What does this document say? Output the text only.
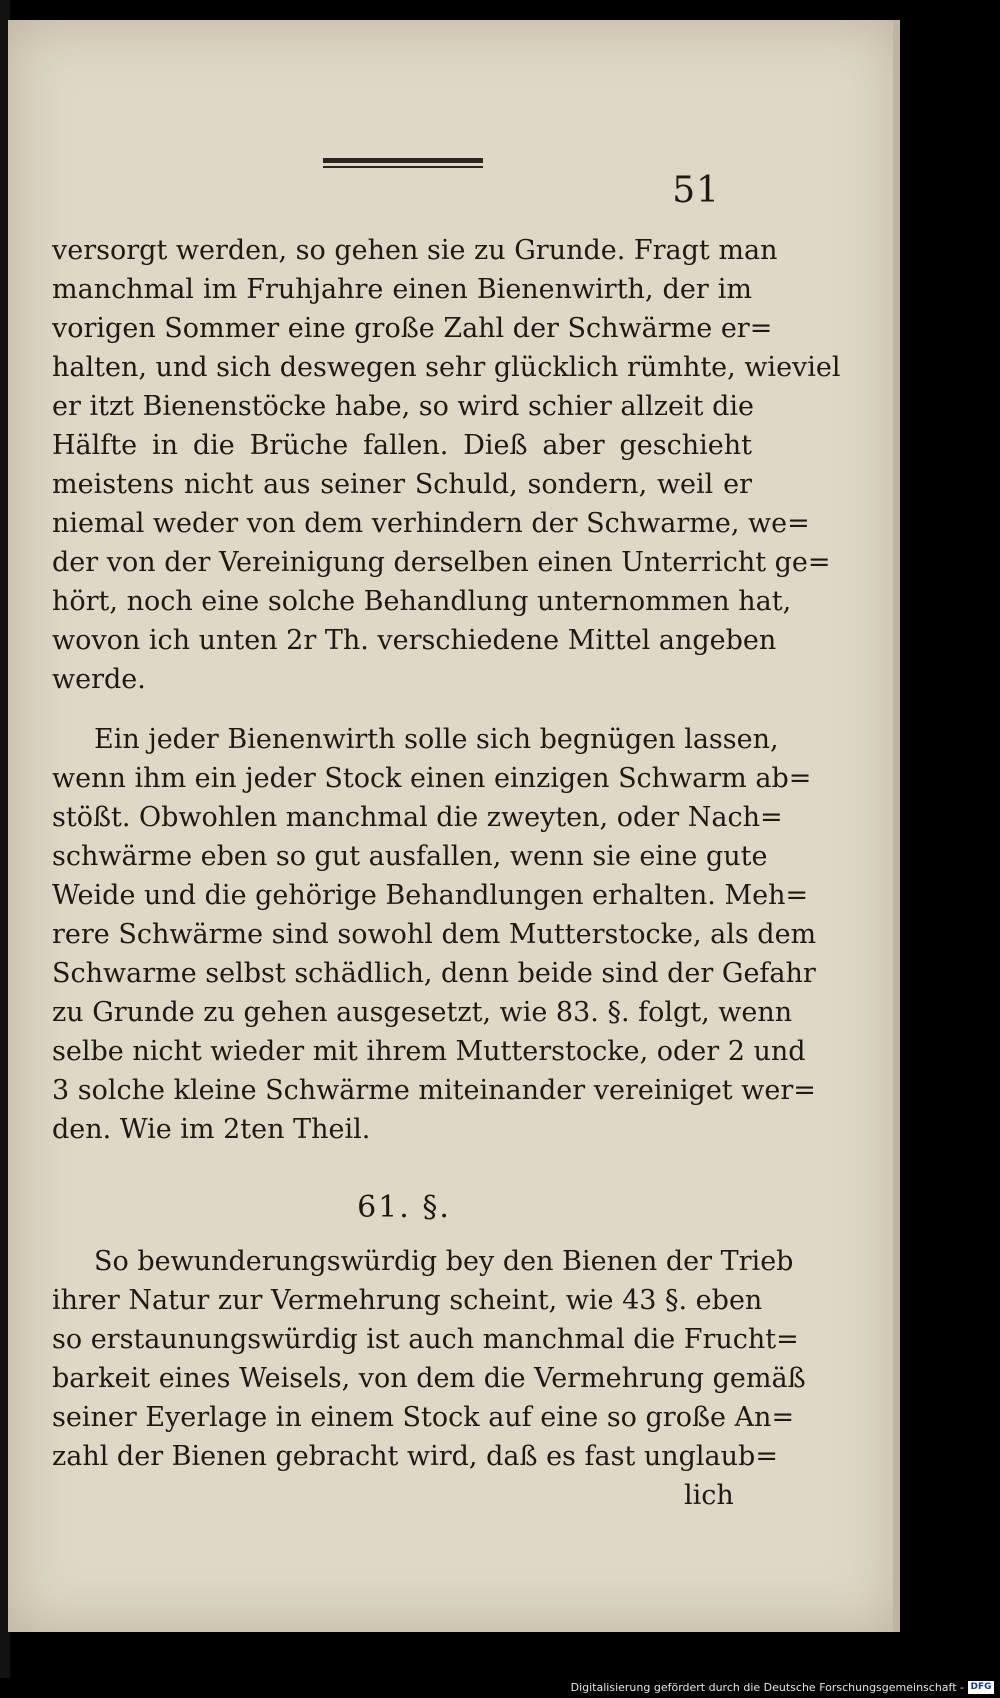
51
versorgt werden, so gehen sie zu Grunde. Fragt man
manchmal im Fruhjahre einen Bienenwirth, der im
vorigen Sommer eine große Zahl der Schwärme er=
halten, und sich deswegen sehr glücklich rümhte, wieviel
er itzt Bienenstöcke habe, so wird schier allzeit die
Hälfte in die Brüche fallen. Dieß aber geschieht
meistens nicht aus seiner Schuld, sondern, weil er
niemal weder von dem verhindern der Schwarme, we=
der von der Vereinigung derselben einen Unterricht ge=
hört, noch eine solche Behandlung unternommen hat,
wovon ich unten 2r Th. verschiedene Mittel angeben
werde.
Ein jeder Bienenwirth solle sich begnügen lassen,
wenn ihm ein jeder Stock einen einzigen Schwarm ab=
stößt. Obwohlen manchmal die zweyten, oder Nach=
schwärme eben so gut ausfallen, wenn sie eine gute
Weide und die gehörige Behandlungen erhalten. Meh=
rere Schwärme sind sowohl dem Mutterstocke, als dem
Schwarme selbst schädlich, denn beide sind der Gefahr
zu Grunde zu gehen ausgesetzt, wie 83. §. folgt, wenn
selbe nicht wieder mit ihrem Mutterstocke, oder 2 und
3 solche kleine Schwärme miteinander vereiniget wer=
den. Wie im 2ten Theil.
61. §.
So bewunderungswürdig bey den Bienen der Trieb
ihrer Natur zur Vermehrung scheint, wie 43 §. eben
so erstaunungswürdig ist auch manchmal die Frucht=
barkeit eines Weisels, von dem die Vermehrung gemäß
seiner Eyerlage in einem Stock auf eine so große An=
zahl der Bienen gebracht wird, daß es fast unglaub=
lich
Digitalisierung gefördert durch die Deutsche Forschungsgemeinschaft - DFG
